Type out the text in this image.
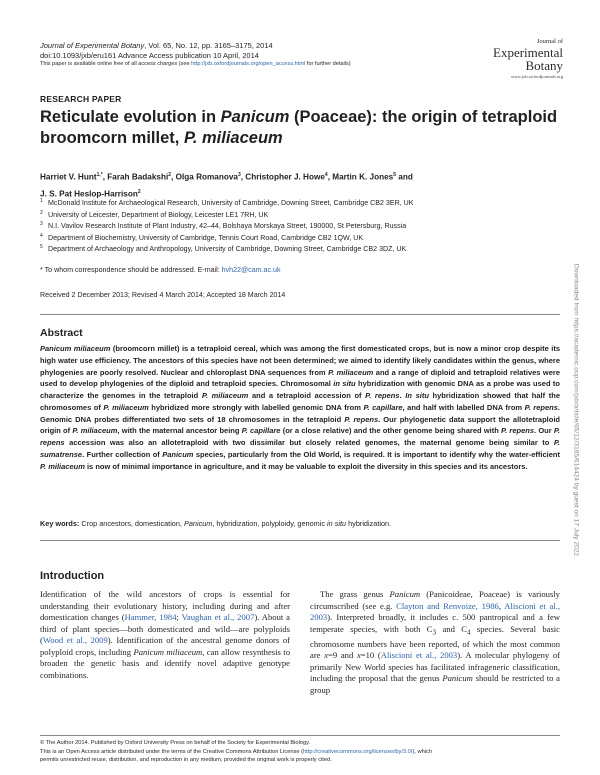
Journal of Experimental Botany, Vol. 65, No. 12, pp. 3165–3175, 2014
doi:10.1093/jxb/eru161 Advance Access publication 10 April, 2014
This paper is available online free of all access charges (see http://jxb.oxfordjournals.org/open_access.html for further details)
Journal of
Experimental
Botany
www.jxb.oxfordjournals.org
RESEARCH PAPER
Reticulate evolution in Panicum (Poaceae): the origin of tetraploid broomcorn millet, P. miliaceum
Harriet V. Hunt$^{1,*}$, Farah Badakshi$^2$, Olga Romanova$^3$, Christopher J. Howe$^4$, Martin K. Jones$^5$ and
J. S. Pat Heslop-Harrison$^2$
1 McDonald Institute for Archaeological Research, University of Cambridge, Downing Street, Cambridge CB2 3ER, UK
2 University of Leicester, Department of Biology, Leicester LE1 7RH, UK
3 N.I. Vavilov Research Institute of Plant Industry, 42–44, Bolshaya Morskaya Street, 190000, St Petersburg, Russia
4 Department of Biochemistry, University of Cambridge, Tennis Court Road, Cambridge CB2 1QW, UK
5 Department of Archaeology and Anthropology, University of Cambridge, Downing Street, Cambridge CB2 3DZ, UK
* To whom correspondence should be addressed. E-mail: hvh22@cam.ac.uk
Received 2 December 2013; Revised 4 March 2014; Accepted 18 March 2014
Abstract
Panicum miliaceum (broomcorn millet) is a tetraploid cereal, which was among the first domesticated crops, but is now a minor crop despite its high water use efficiency. The ancestors of this species have not been determined; we aimed to identify likely candidates within the genus, where phylogenies are poorly resolved. Nuclear and chloroplast DNA sequences from P. miliaceum and a range of diploid and tetraploid relatives were used to develop phylogenies of the diploid and tetraploid species. Chromosomal in situ hybridization with genomic DNA as a probe was used to characterize the genomes in the tetraploid P. miliaceum and a tetraploid accession of P. repens. In situ hybridization showed that half the chromosomes of P. miliaceum hybridized more strongly with labelled genomic DNA from P. capillare, and half with labelled DNA from P. repens. Genomic DNA probes differentiated two sets of 18 chromosomes in the tetraploid P. repens. Our phylogenetic data support the allotetraploid origin of P. miliaceum, with the maternal ancestor being P. capillare (or a close relative) and the other genome being shared with P. repens. Our P. repens accession was also an allotetraploid with two dissimilar but closely related genomes, the maternal genome being similar to P. sumatrense. Further collection of Panicum species, particularly from the Old World, is required. It is important to identify why the water-efficient P. miliaceum is now of minimal importance in agriculture, and it may be valuable to exploit the diversity in this species and its ancestors.
Key words: Crop ancestors, domestication, Panicum, hybridization, polyploidy, genomic in situ hybridization.
Introduction
Identification of the wild ancestors of crops is essential for understanding their evolutionary history, including during and after domestication changes (Hammer, 1984; Vaughan et al., 2007). About a third of plant species—both domesticated and wild—are polyploids (Wood et al., 2009). Identification of the ancestral genome donors of polyploid crops, including Panicum miliaceum, can allow resynthesis to broaden the genetic basis and identify novel adaptive genotype combinations.
The grass genus Panicum (Panicoideae, Poaceae) is variously circumscribed (see e.g. Clayton and Renvoize, 1986, Aliscioni et al., 2003). Interpreted broadly, it includes c. 500 pantropical and a few temperate species, with both $C_3$ and $C_4$ species. Several basic chromosome numbers have been reported, of which the most common are x=9 and x=10 (Aliscioni et al., 2003). A molecular phylogeny of primarily New World species has facilitated infrageneric classification, including the proposal that the genus Panicum should be restricted to a group
© The Author 2014. Published by Oxford University Press on behalf of the Society for Experimental Biology.
This is an Open Access article distributed under the terms of the Creative Commons Attribution License (http://creativecommons.org/licenses/by/3.0/), which
permits unrestricted reuse, distribution, and reproduction in any medium, provided the original work is properly cited.
Downloaded from https://academic.oup.com/jxb/article/65/12/3165/614424 by guest on 17 July 2022
